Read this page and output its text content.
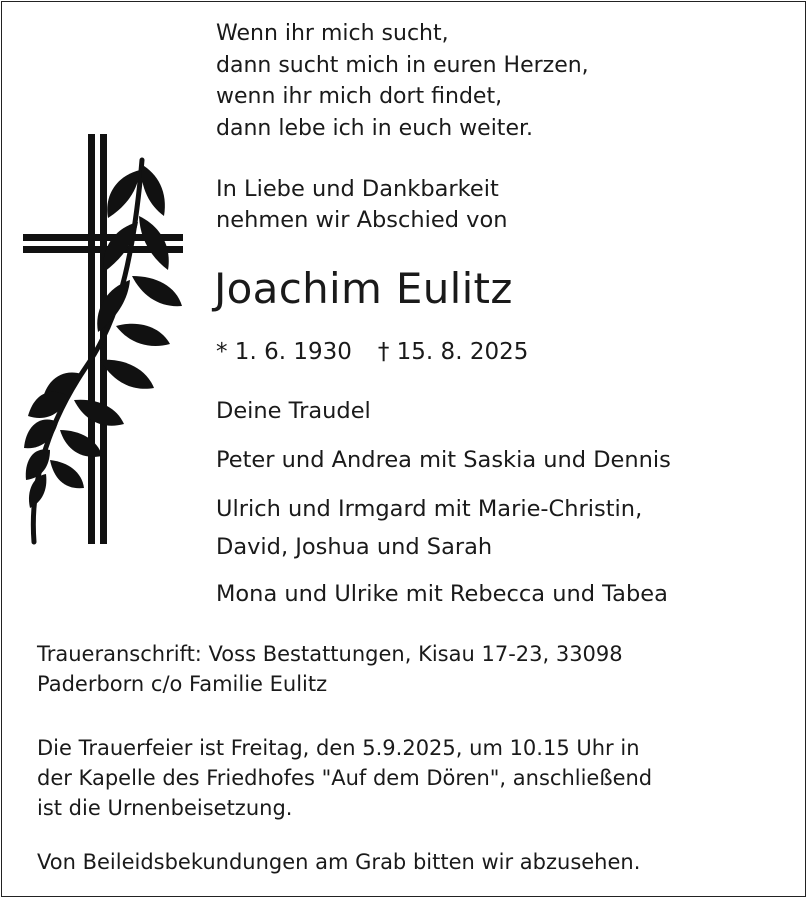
Wenn ihr mich sucht,
dann sucht mich in euren Herzen,
wenn ihr mich dort findet,
dann lebe ich in euch weiter.
In Liebe und Dankbarkeit
nehmen wir Abschied von
Joachim Eulitz
* 1. 6. 1930 † 15. 8. 2025
Deine Traudel
Peter und Andrea mit Saskia und Dennis
Ulrich und Irmgard mit Marie-Christin,
David, Joshua und Sarah
Mona und Ulrike mit Rebecca und Tabea
Traueranschrift: Voss Bestattungen, Kisau 17-23, 33098
Paderborn c/o Familie Eulitz
Die Trauerfeier ist Freitag, den 5.9.2025, um 10.15 Uhr in
der Kapelle des Friedhofes "Auf dem Dören", anschließend
ist die Urnenbeisetzung.
Von Beileidsbekundungen am Grab bitten wir abzusehen.
